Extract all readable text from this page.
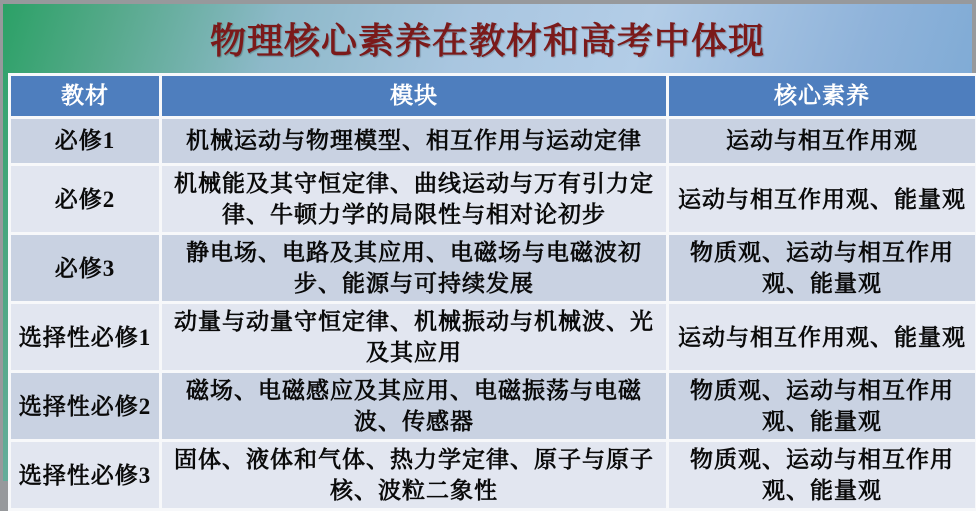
物理核心素养在教材和高考中体现
教材	模块	核心素养
必修1	机械运动与物理模型、相互作用与运动定律	运动与相互作用观
必修2	机械能及其守恒定律、曲线运动与万有引力定律、牛顿力学的局限性与相对论初步	运动与相互作用观、能量观
必修3	静电场、电路及其应用、电磁场与电磁波初步、能源与可持续发展	物质观、运动与相互作用观、能量观
选择性必修1	动量与动量守恒定律、机械振动与机械波、光及其应用	运动与相互作用观、能量观
选择性必修2	磁场、电磁感应及其应用、电磁振荡与电磁波、传感器	物质观、运动与相互作用观、能量观
选择性必修3	固体、液体和气体、热力学定律、原子与原子核、波粒二象性	物质观、运动与相互作用观、能量观
